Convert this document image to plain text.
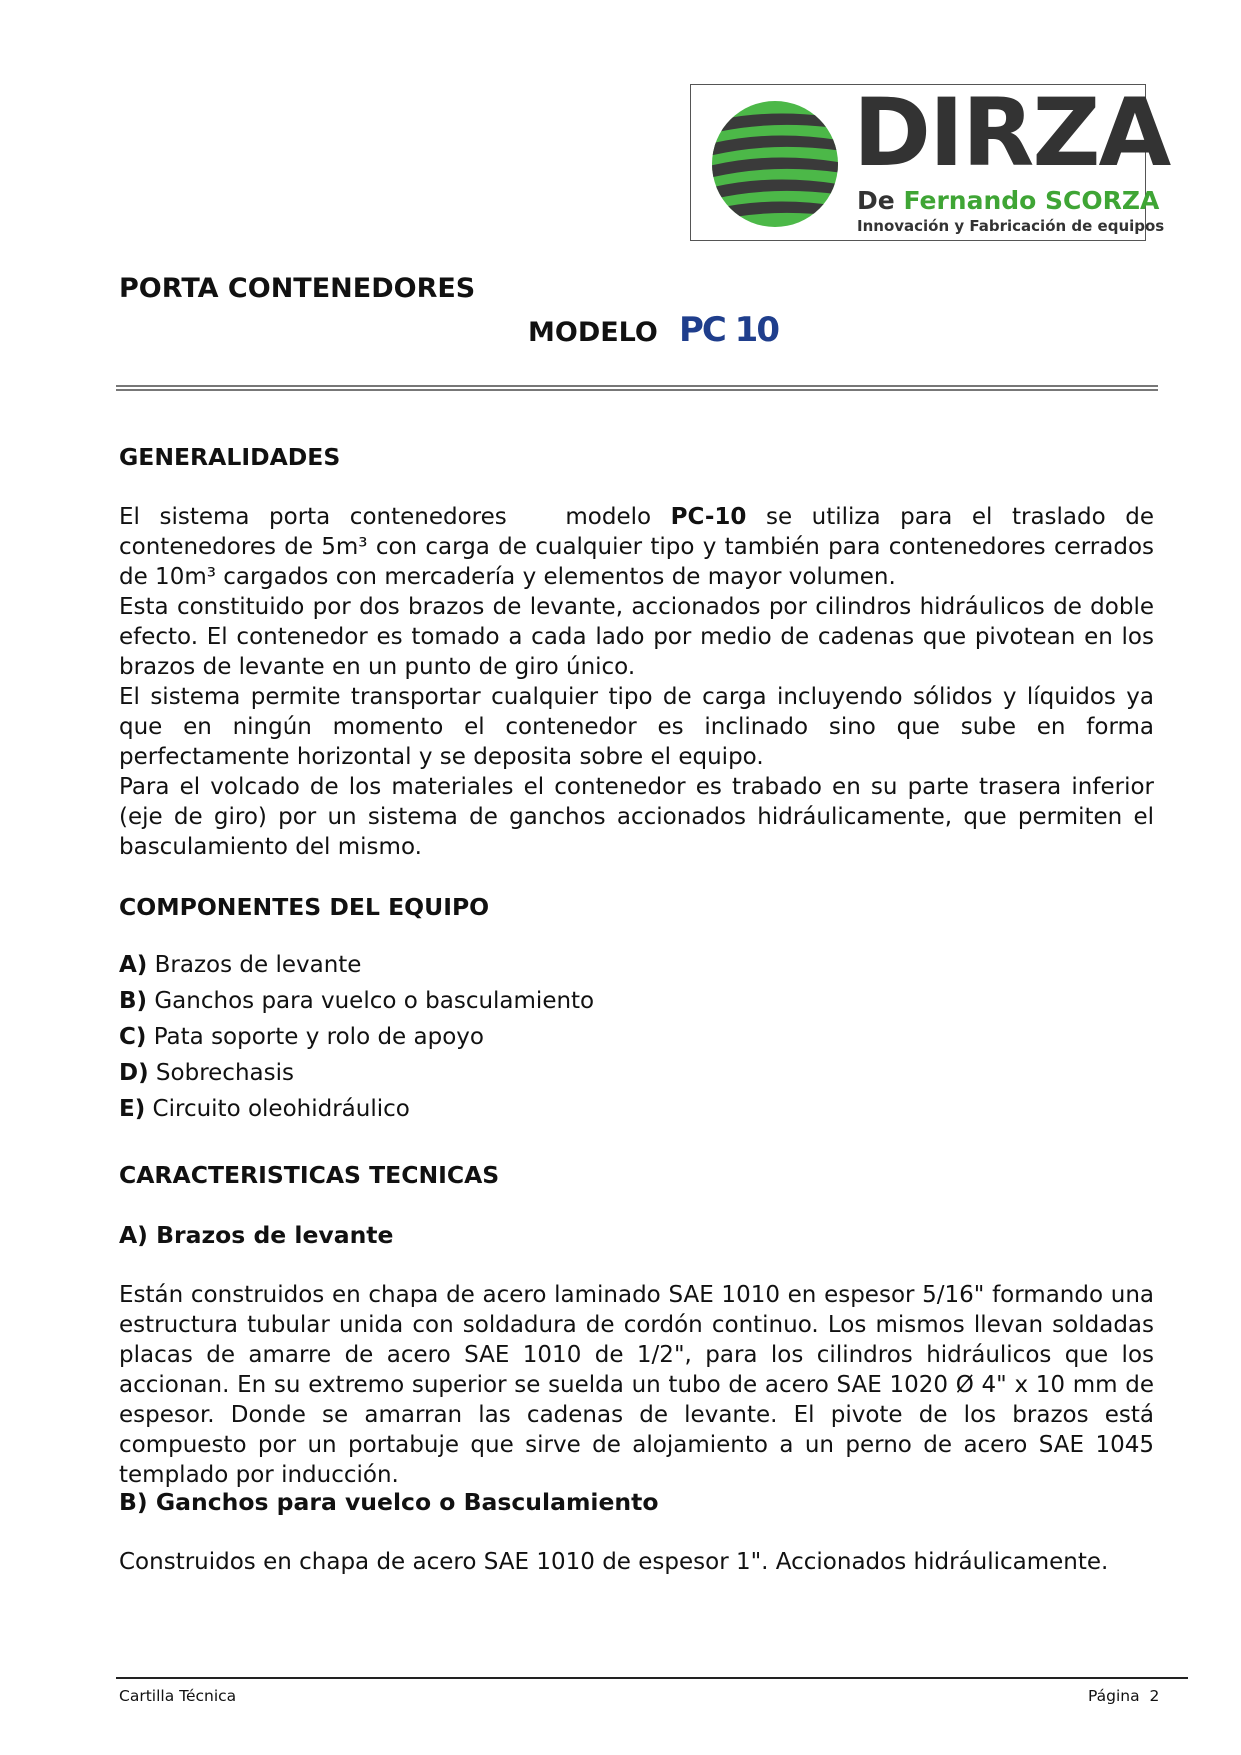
DIRZA
De Fernando SCORZA
Innovación y Fabricación de equipos
PORTA CONTENEDORES
MODELO PC 10
GENERALIDADES

El sistema porta contenedores   modelo PC-10 se utiliza para el traslado de contenedores de 5m³ con carga de cualquier tipo y también para contenedores cerrados de 10m³ cargados con mercadería y elementos de mayor volumen.

Esta constituido por dos brazos de levante, accionados por cilindros hidráulicos de doble efecto. El contenedor es tomado a cada lado por medio de cadenas que pivotean en los brazos de levante en un punto de giro único.

El sistema permite transportar cualquier tipo de carga incluyendo sólidos y líquidos ya que en ningún momento el contenedor es inclinado sino que sube en forma perfectamente horizontal y se deposita sobre el equipo.

Para el volcado de los materiales el contenedor es trabado en su parte trasera inferior (eje de giro) por un sistema de ganchos accionados hidráulicamente, que permiten el basculamiento del mismo.

COMPONENTES DEL EQUIPO
A) Brazos de levante
B) Ganchos para vuelco o basculamiento
C) Pata soporte y rolo de apoyo
D) Sobrechasis
E) Circuito oleohidráulico
CARACTERISTICAS TECNICAS
A) Brazos de levante

Están construidos en chapa de acero laminado SAE 1010 en espesor 5/16" formando una estructura tubular unida con soldadura de cordón continuo. Los mismos llevan soldadas placas de amarre de acero SAE 1010 de 1/2", para los cilindros hidráulicos que los accionan. En su extremo superior se suelda un tubo de acero SAE 1020 Ø 4" x 10 mm de espesor. Donde se amarran las cadenas de levante. El pivote de los brazos está compuesto por un portabuje que sirve de alojamiento a un perno de acero SAE 1045 templado por inducción.

B) Ganchos para vuelco o Basculamiento

Construidos en chapa de acero SAE 1010 de espesor 1". Accionados hidráulicamente.

Cartilla Técnica	Página  2
